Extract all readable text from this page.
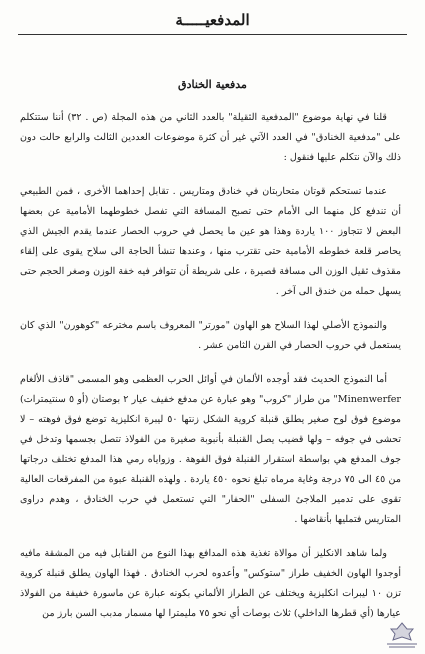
المدفعيـــــة
مدفعية الخنادق

قلنا في نهاية موضوع "المدفعية الثقيلة" بالعدد الثاني من هذه المجلة (ص . ٣٢) أننا ستتكلم على "مدفعية الخنادق" في العدد الآتي غير أن كثرة موضوعات العددين الثالث والرابع حالت دون ذلك والآن نتكلم عليها فنقول :

عندما تستحكم قوتان متحاربتان في خنادق ومتاريس . تقابل إحداهما الأخرى ، فمن الطبيعي أن تندفع كل منهما الى الأمام حتى تصبح المسافة التي تفصل خطوطهما الأمامية عن بعضها البعض لا تتجاوز ١٠٠ ياردة وهذا هو عين ما يحصل في حروب الحصار عندما يقدم الجيش الذي يحاصر قلعة خطوطه الأمامية حتى تقترب منها ، وعندها تنشأ الحاجة الى سلاح يقوى على إلقاء مقذوف ثقيل الوزن الى مسافة قصيرة ، على شريطة أن تتوافر فيه خفة الوزن وصغر الحجم حتى يسهل حمله من خندق الى آخر .

والنموذج الأصلي لهذا السلاح هو الهاون "مورتر" المعروف باسم مخترعه "كوهورن" الذي كان يستعمل في حروب الحصار في القرن الثامن عشر .

أما النموذج الحديث فقد أوجده الألمان في أوائل الحرب العظمى وهو المسمى "قاذف الألغام Minenwerfer" من طراز "كروب" وهو عبارة عن مدفع خفيف عيار ٢ بوصتان (أو ٥ سنتيمترات) موضوع فوق لوح صغير يطلق قنبلة كروية الشكل زنتها ٥٠ ليبرة انكليزية توضع فوق فوهته – لا تحشى في جوفه – ولها قضيب يصل القنبلة بأنبوبة صغيرة من الفولاذ تتصل بجسمها وتدخل في جوف المدفع هي بواسطة استقرار القنبلة فوق الفوهة . وزواياه رمي هذا المدفع تختلف درجاتها من ٤٥ الى ٧٥ درجة وغاية مرماه تبلغ نحوه ٤٥٠ ياردة . ولهذه القنبلة عبوة من المفرقعات العالية تقوى على تدمير الملاجئ السفلى "الحفار" التي تستعمل في حرب الخنادق ، وهدم دراوى المتاريس فتمليها بأنقاضها .

ولما شاهد الانكليز أن موالاة تغذية هذه المدافع بهذا النوع من القنابل فيه من المشقة مافيه أوجدوا الهاون الخفيف طراز "ستوكس" وأعدوه لحرب الخنادق . فهذا الهاون يطلق قنبلة كروية تزن ١٠ ليبرات انكليزية ويختلف عن الطراز الألماني بكونه عبارة عن ماسورة خفيفة من الفولاذ عيارها (أي قطرها الداخلي) ثلاث بوصات أي نحو ٧٥ مليمترا لها مسمار مدبب السن بارز من
